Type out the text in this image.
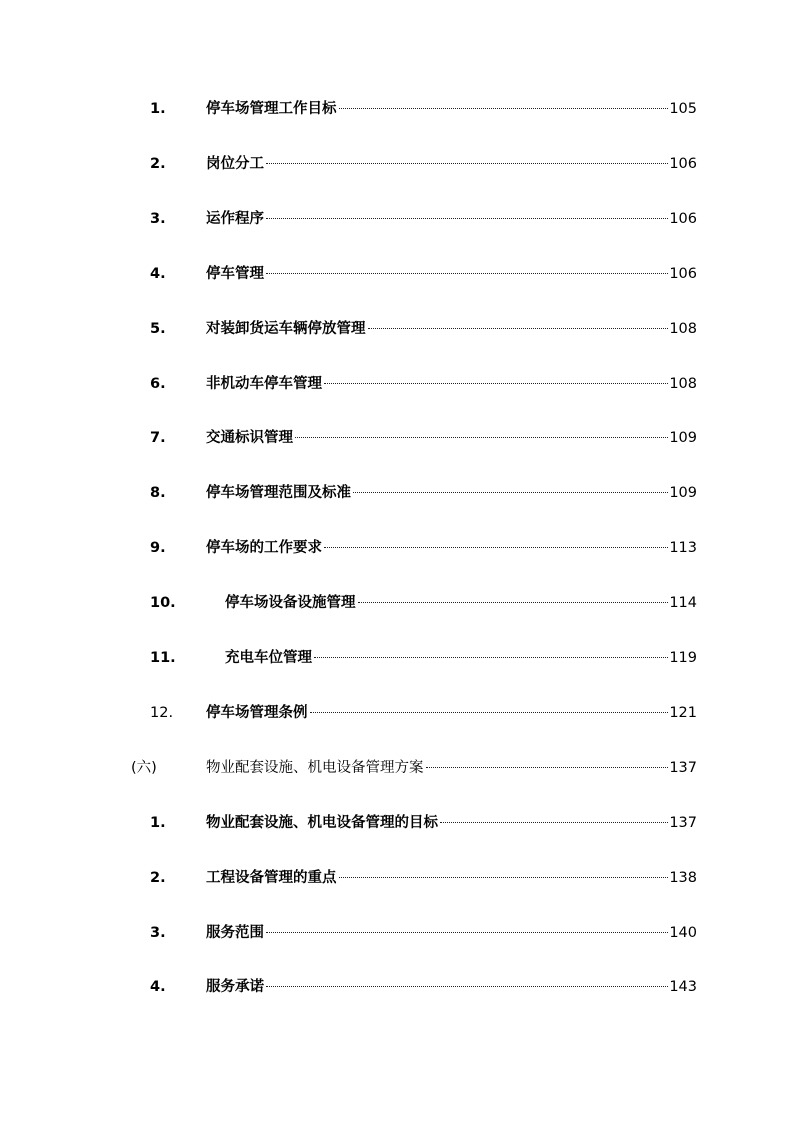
1.	停车场管理工作目标	105
2.	岗位分工	106
3.	运作程序	106
4.	停车管理	106
5.	对装卸货运车辆停放管理	108
6.	非机动车停车管理	108
7.	交通标识管理	109
8.	停车场管理范围及标准	109
9.	停车场的工作要求	113
10.	停车场设备设施管理	114
11.	充电车位管理	119
12. 停车场管理条例	121
(六)	物业配套设施、机电设备管理方案	137
1.	物业配套设施、机电设备管理的目标	137
2.	工程设备管理的重点	138
3.	服务范围	140
4.	服务承诺	143
